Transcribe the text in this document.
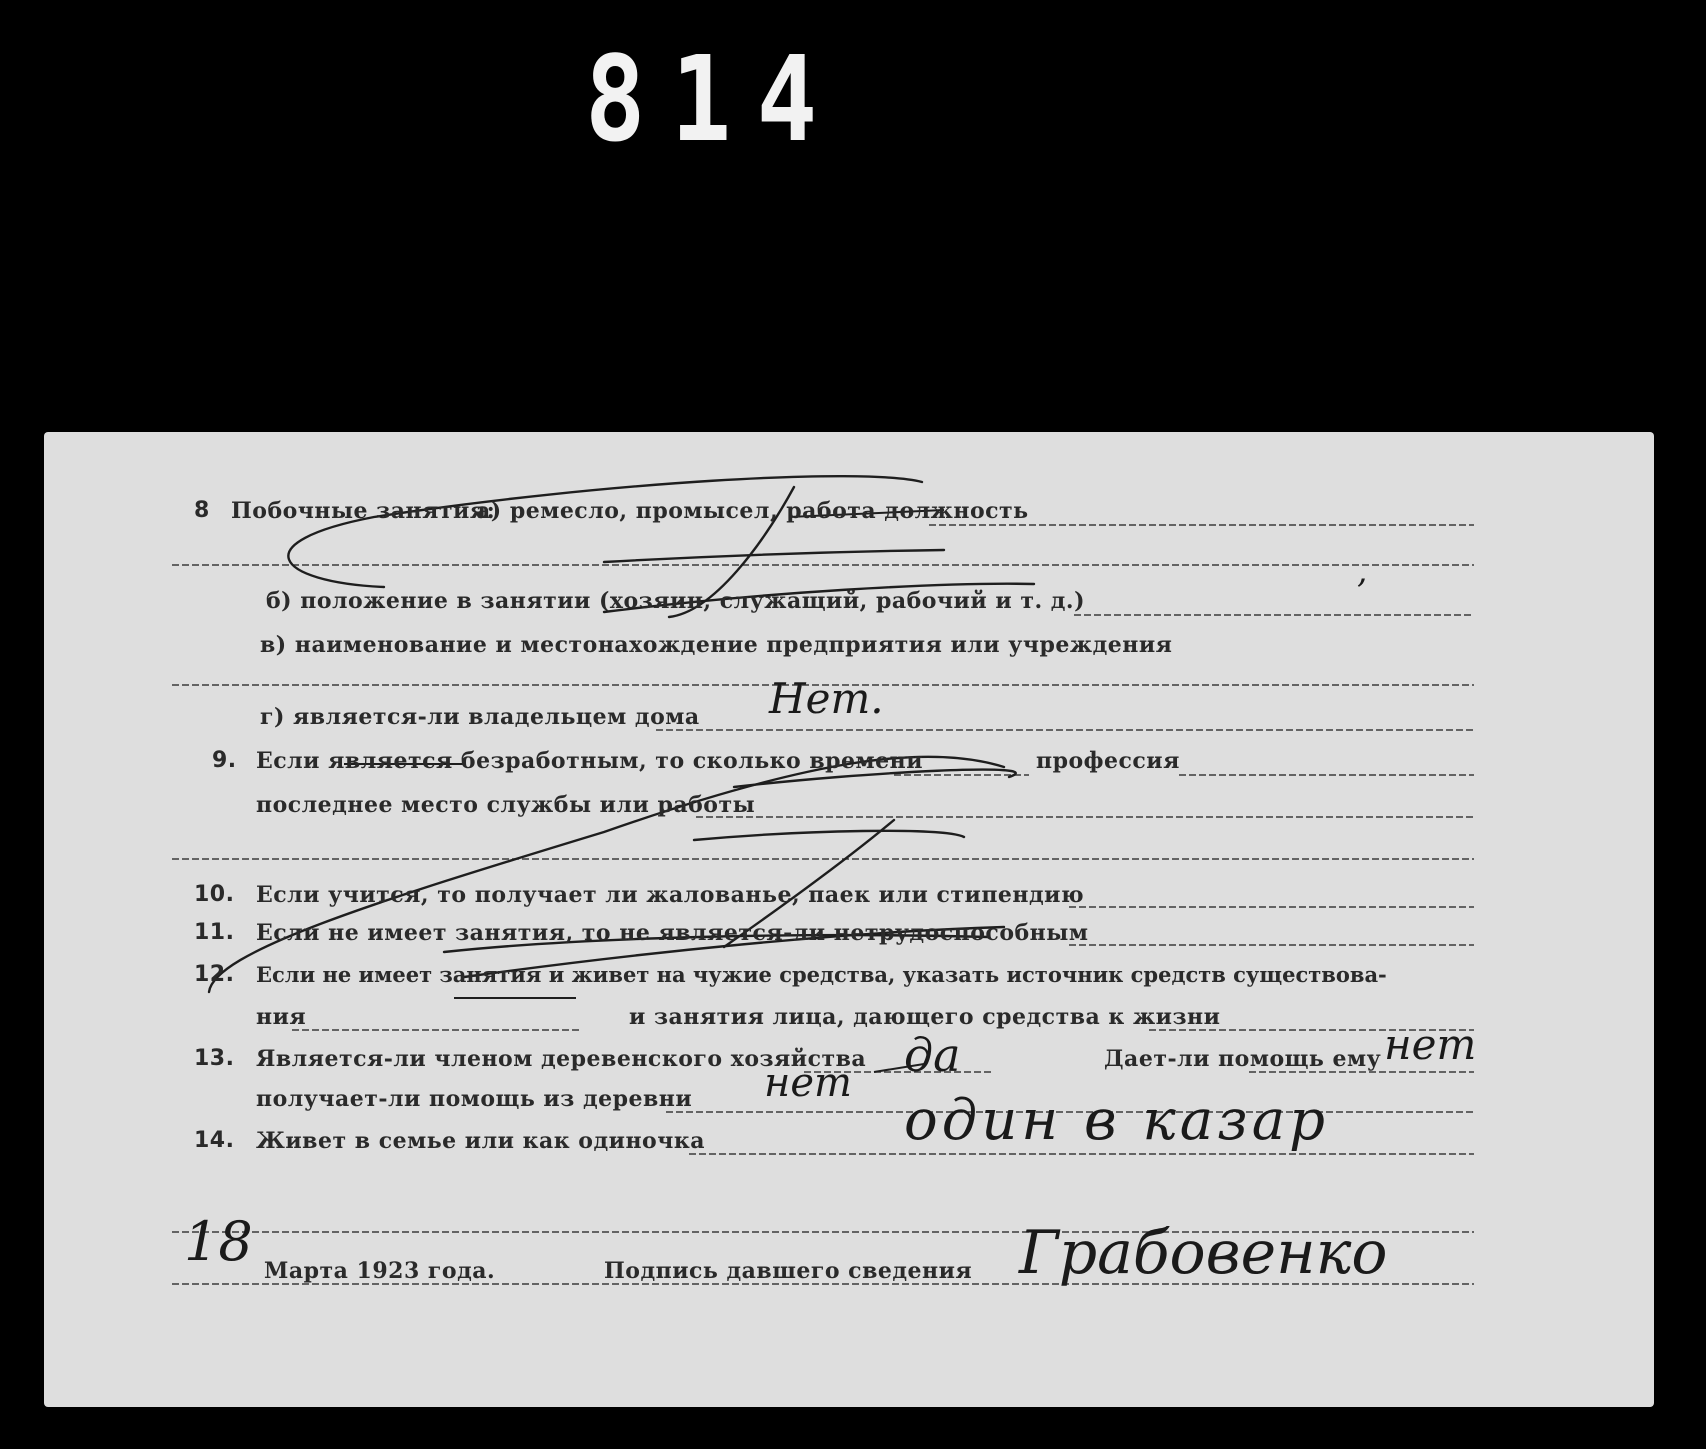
814
8 Побочные занятия:
а) ремесло, промысел, работа должность
б) положение в занятии (хозяин, служащий, рабочий и т. д.)
в) наименование и местонахождение предприятия или учреждения
г) является-ли владельцем дома Нет.
9. Если является безработным, то сколько времени	профессия
последнее место службы или работы
10. Если учится, то получает ли жалованье, паек или стипендию
11. Если не имеет занятия, то не является-ли нетрудоспособным
12. Если не имеет занятия и живет на чужие средства, указать источник средств существова-
ния	и занятия лица, дающего средства к жизни
13. Является-ли членом деревенского хозяйства да	Дает-ли помощь ему нет
получает-ли помощь из деревни нет
14. Живет в семье или как одиночка	один в казар
18 Марта 1923 года.	Подпись давшего сведения Грабовенко
’
